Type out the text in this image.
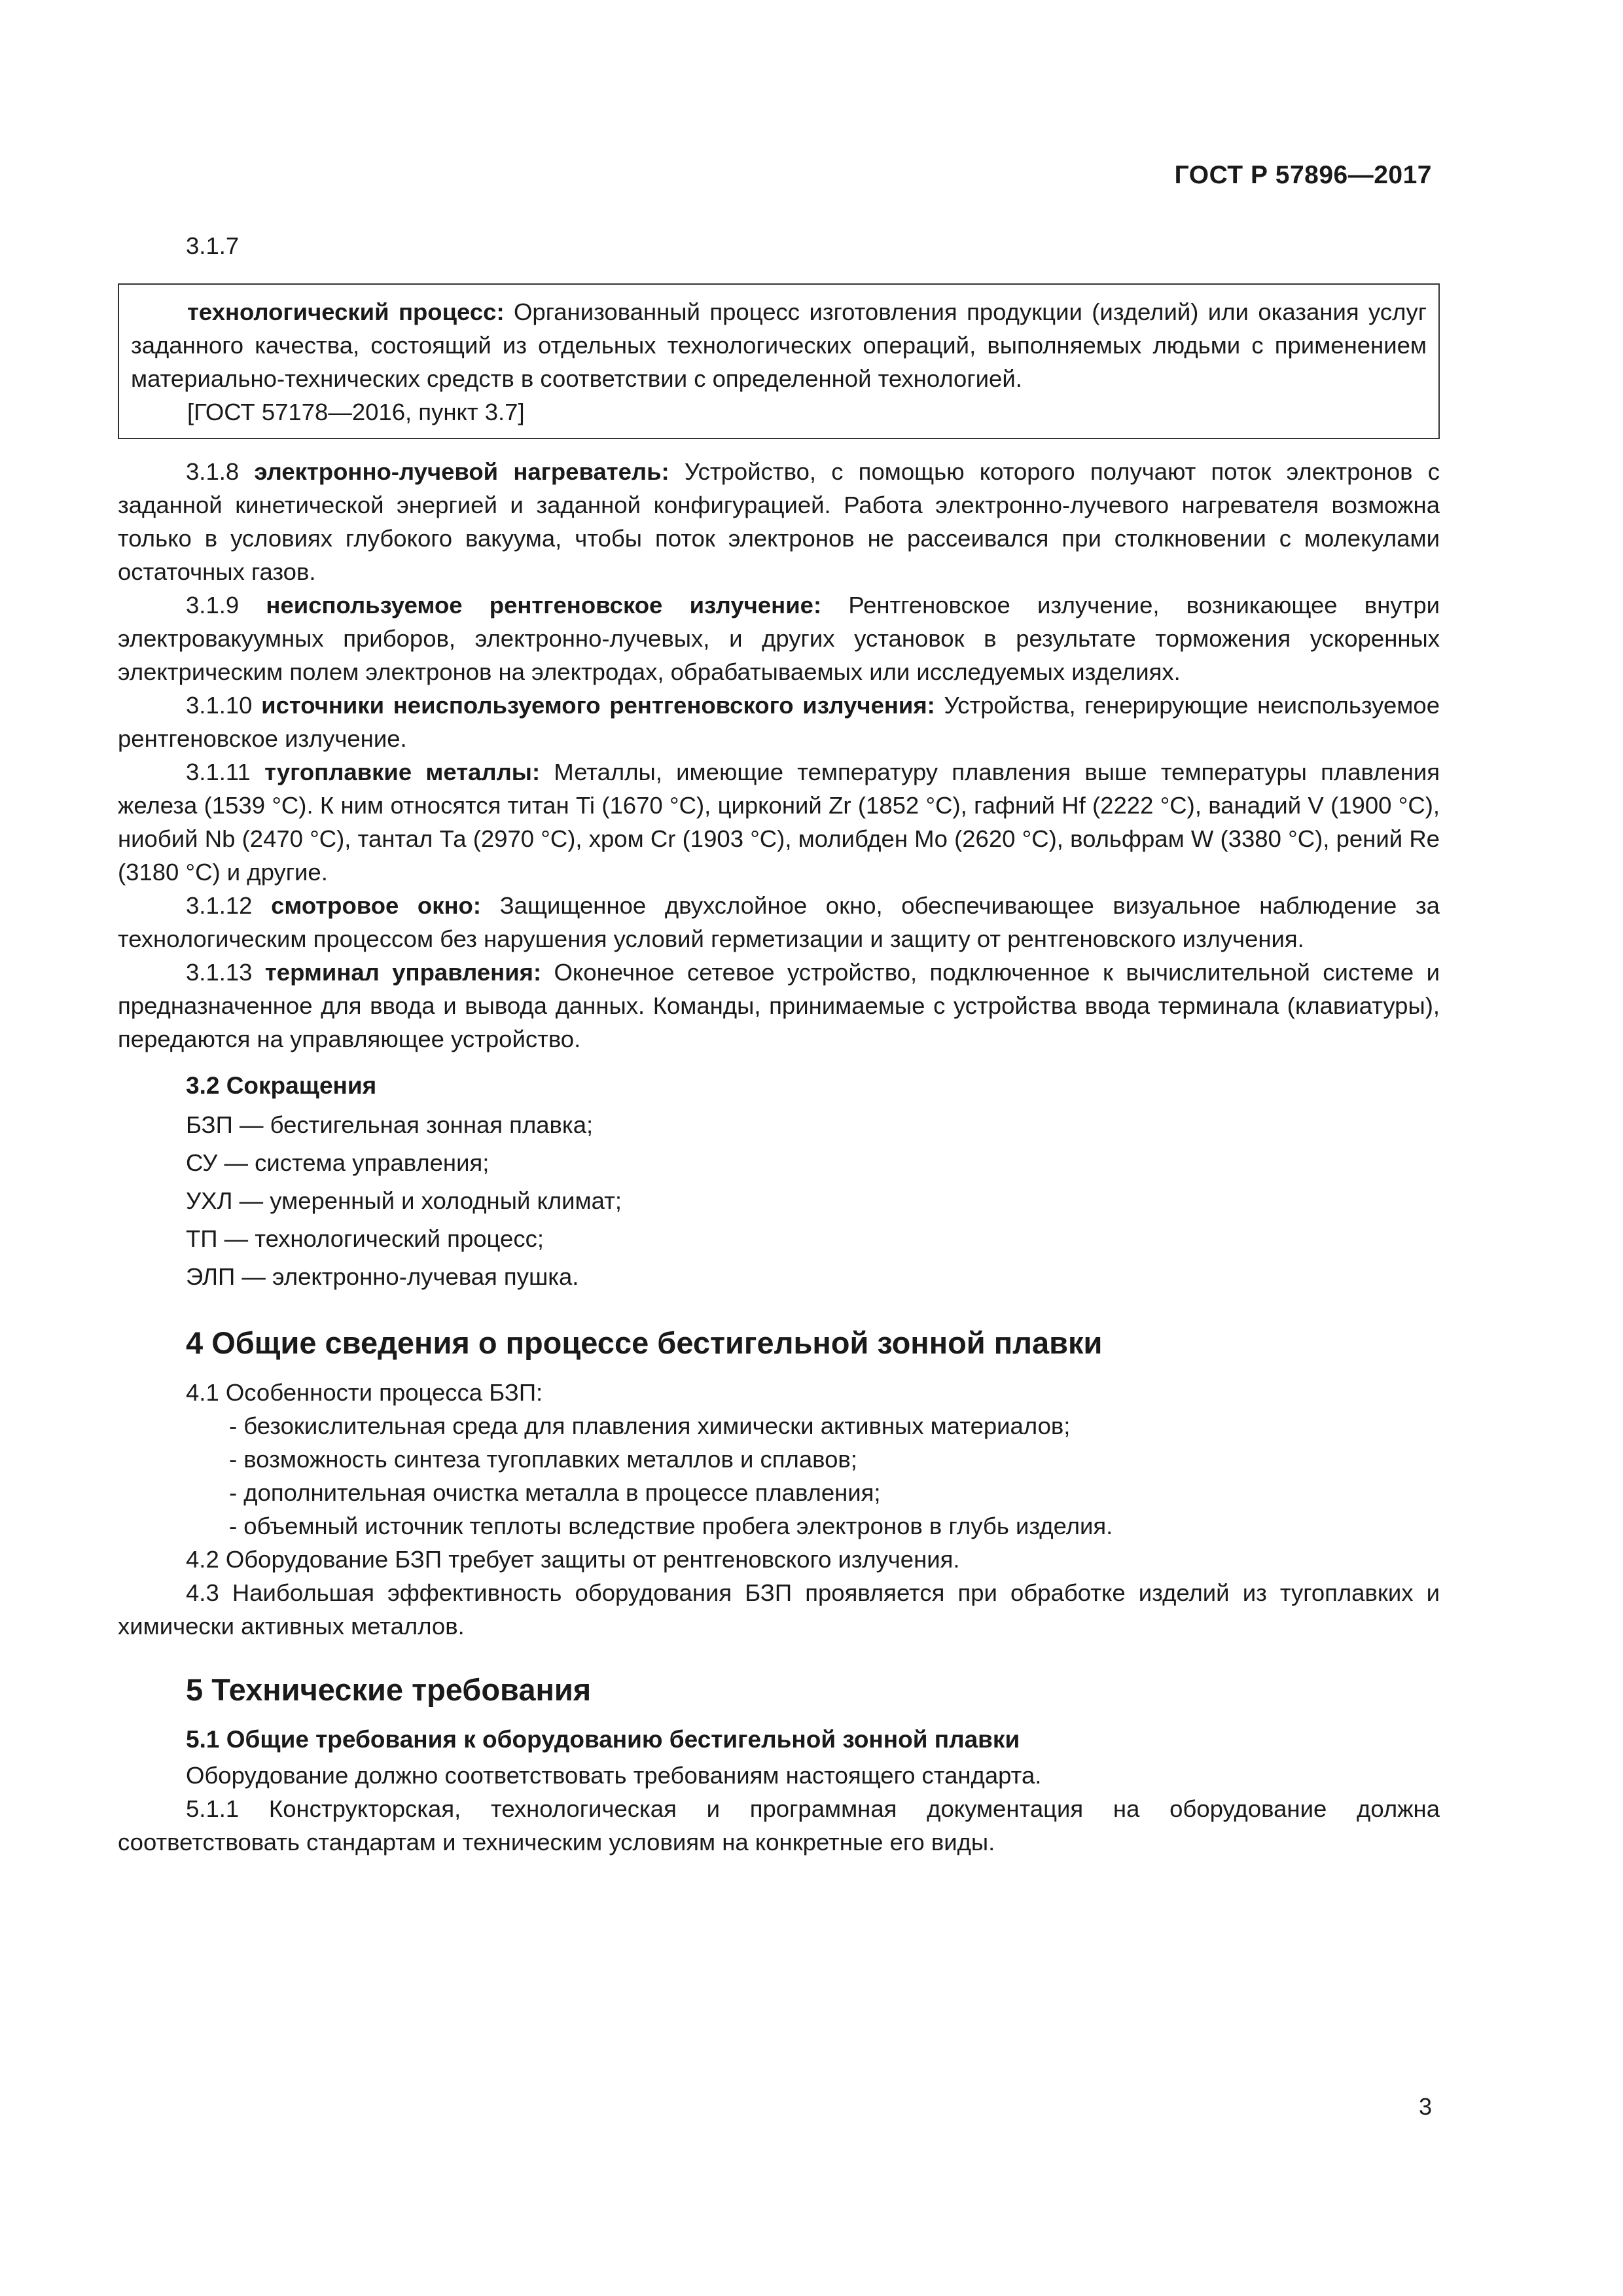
ГОСТ Р 57896—2017

3.1.7

технологический процесс: Организованный процесс изготовления продукции (изделий) или оказания услуг заданного качества, состоящий из отдельных технологических операций, выполняемых людьми с применением материально-технических средств в соответствии с определенной технологией.

[ГОСТ 57178—2016, пункт 3.7]

3.1.8 электронно-лучевой нагреватель: Устройство, с помощью которого получают поток электронов с заданной кинетической энергией и заданной конфигурацией. Работа электронно-лучевого нагревателя возможна только в условиях глубокого вакуума, чтобы поток электронов не рассеивался при столкновении с молекулами остаточных газов.

3.1.9 неиспользуемое рентгеновское излучение: Рентгеновское излучение, возникающее внутри электровакуумных приборов, электронно-лучевых, и других установок в результате торможения ускоренных электрическим полем электронов на электродах, обрабатываемых или исследуемых изделиях.

3.1.10 источники неиспользуемого рентгеновского излучения: Устройства, генерирующие неиспользуемое рентгеновское излучение.

3.1.11 тугоплавкие металлы: Металлы, имеющие температуру плавления выше температуры плавления железа (1539 °С). К ним относятся титан Ti (1670 °С), цирконий Zr (1852 °С), гафний Hf (2222 °С), ванадий V (1900 °С), ниобий Nb (2470 °С), тантал Та (2970 °С), хром Cr (1903 °С), молибден Mo (2620 °С), вольфрам W (3380 °С), рений Re (3180 °С) и другие.

3.1.12 смотровое окно: Защищенное двухслойное окно, обеспечивающее визуальное наблюдение за технологическим процессом без нарушения условий герметизации и защиту от рентгеновского излучения.

3.1.13 терминал управления: Оконечное сетевое устройство, подключенное к вычислительной системе и предназначенное для ввода и вывода данных. Команды, принимаемые с устройства ввода терминала (клавиатуры), передаются на управляющее устройство.

3.2 Сокращения

БЗП — бестигельная зонная плавка;

СУ — система управления;

УХЛ — умеренный и холодный климат;

ТП — технологический процесс;

ЭЛП — электронно-лучевая пушка.

4 Общие сведения о процессе бестигельной зонной плавки

4.1 Особенности процесса БЗП:

- безокислительная среда для плавления химически активных материалов;

- возможность синтеза тугоплавких металлов и сплавов;

- дополнительная очистка металла в процессе плавления;

- объемный источник теплоты вследствие пробега электронов в глубь изделия.

4.2 Оборудование БЗП требует защиты от рентгеновского излучения.

4.3 Наибольшая эффективность оборудования БЗП проявляется при обработке изделий из тугоплавких и химически активных металлов.

5 Технические требования

5.1 Общие требования к оборудованию бестигельной зонной плавки

Оборудование должно соответствовать требованиям настоящего стандарта.

5.1.1 Конструкторская, технологическая и программная документация на оборудование должна соответствовать стандартам и техническим условиям на конкретные его виды.

3
